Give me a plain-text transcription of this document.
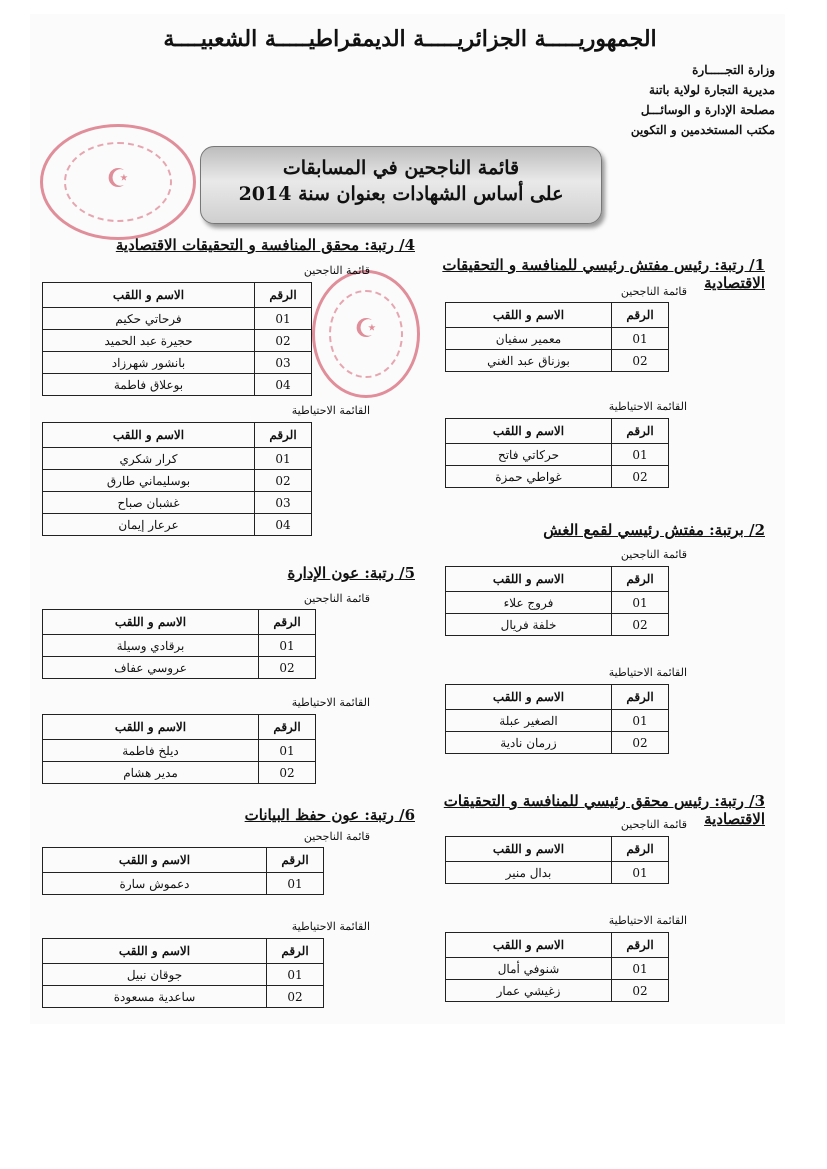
الجمهوريـــــة الجزائريـــــة الديمقراطيـــــة الشعبيــــة
وزارة التجـــــارة
مديرية التجارة لولاية باتنة
مصلحة الإدارة و الوسائـــل
مكتب المستخدمين و التكوين
☪	قائمة الناجحين في المسابقات
على أساس الشهادات بعنوان سنة 2014
☪
1/ رتبة: رئيس مفتش رئيسي للمنافسة و التحقيقات الاقتصادية
قائمة الناجحين
الرقم	الاسم و اللقب
01	معمير سفيان
02	بوزناق عبد الغني
القائمة الاحتياطية
الرقم	الاسم و اللقب
01	حركاتي فاتح
02	غواطي حمزة
2/ برتبة: مفتش رئيسي لقمع الغش
قائمة الناجحين
الرقم	الاسم و اللقب
01	فروج علاء
02	خلفة فريال
القائمة الاحتياطية
الرقم	الاسم و اللقب
01	الصغير عبلة
02	زرمان نادية
3/ رتبة: رئيس محقق رئيسي للمنافسة و التحقيقات الاقتصادية
قائمة الناجحين
الرقم	الاسم و اللقب
01	بدال منير
القائمة الاحتياطية
الرقم	الاسم و اللقب
01	شنوفي أمال
02	زغيشي عمار
4/ رتبة: محقق المنافسة و التحقيقات الاقتصادية
قائمة الناجحين
الرقم	الاسم و اللقب
01	فرحاتي حكيم
02	حجيرة عبد الحميد
03	بانشور شهرزاد
04	بوعلاق فاطمة
القائمة الاحتياطية
الرقم	الاسم و اللقب
01	كرار شكري
02	بوسليماني طارق
03	غشبان صباح
04	عرعار إيمان
5/ رتبة: عون الإدارة
قائمة الناجحين
الرقم	الاسم و اللقب
01	برقادي وسيلة
02	عروسي عفاف
القائمة الاحتياطية
الرقم	الاسم و اللقب
01	ديلخ فاطمة
02	مدير هشام
6/ رتبة: عون حفظ البيانات
قائمة الناجحين
الرقم	الاسم و اللقب
01	دعموش سارة
القائمة الاحتياطية
الرقم	الاسم و اللقب
01	جوقان نبيل
02	ساعدية مسعودة
